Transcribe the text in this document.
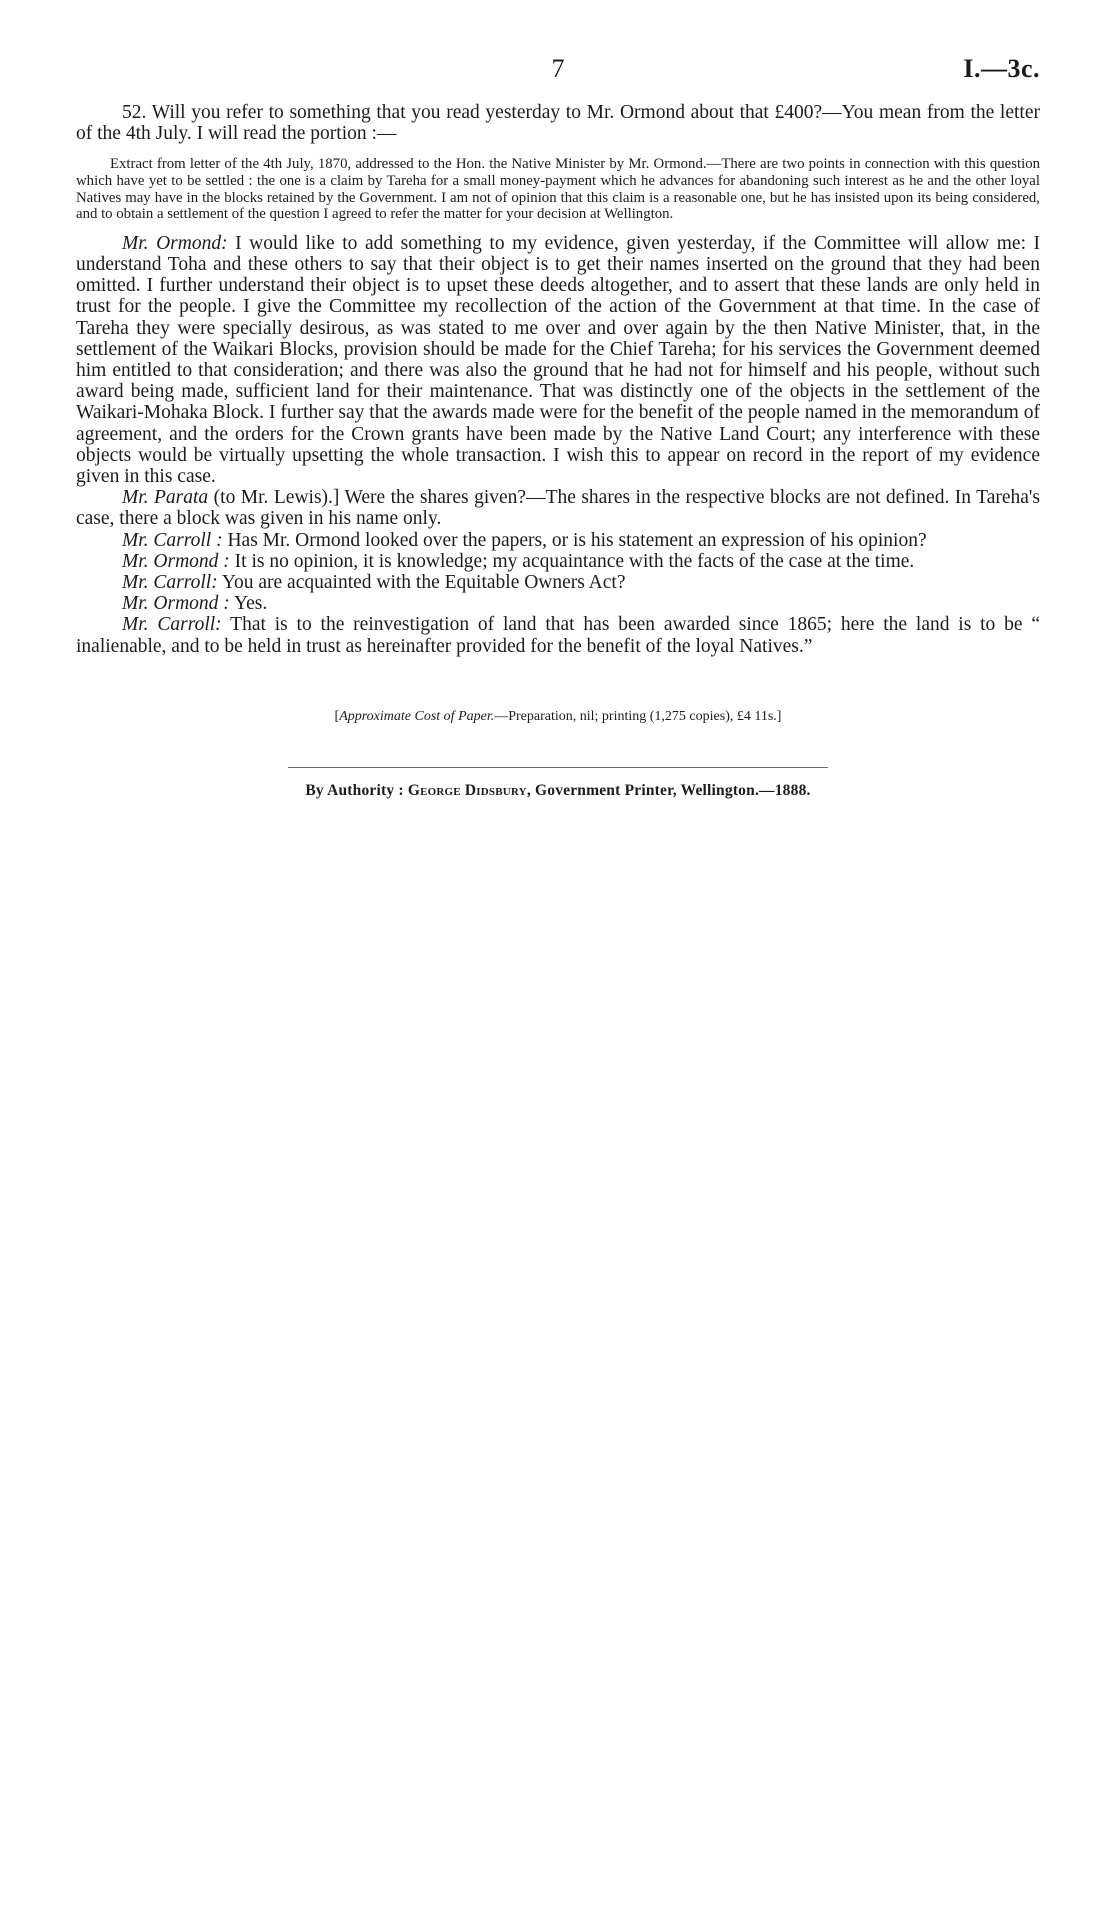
7	I.—3c.

52. Will you refer to something that you read yesterday to Mr. Ormond about that £400?—You mean from the letter of the 4th July. I will read the portion :—

Extract from letter of the 4th July, 1870, addressed to the Hon. the Native Minister by Mr. Ormond.—There are two points in connection with this question which have yet to be settled : the one is a claim by Tareha for a small money-payment which he advances for abandoning such interest as he and the other loyal Natives may have in the blocks retained by the Government. I am not of opinion that this claim is a reasonable one, but he has insisted upon its being considered, and to obtain a settlement of the question I agreed to refer the matter for your decision at Wellington.

Mr. Ormond: I would like to add something to my evidence, given yesterday, if the Committee will allow me: I understand Toha and these others to say that their object is to get their names inserted on the ground that they had been omitted. I further understand their object is to upset these deeds altogether, and to assert that these lands are only held in trust for the people. I give the Committee my recollection of the action of the Government at that time. In the case of Tareha they were specially desirous, as was stated to me over and over again by the then Native Minister, that, in the settlement of the Waikari Blocks, provision should be made for the Chief Tareha; for his services the Government deemed him entitled to that consideration; and there was also the ground that he had not for himself and his people, without such award being made, sufficient land for their maintenance. That was distinctly one of the objects in the settlement of the Waikari-Mohaka Block. I further say that the awards made were for the benefit of the people named in the memorandum of agreement, and the orders for the Crown grants have been made by the Native Land Court; any interference with these objects would be virtually upsetting the whole transaction. I wish this to appear on record in the report of my evidence given in this case.

Mr. Parata (to Mr. Lewis).] Were the shares given?—The shares in the respective blocks are not defined. In Tareha's case, there a block was given in his name only.

Mr. Carroll : Has Mr. Ormond looked over the papers, or is his statement an expression of his opinion?

Mr. Ormond : It is no opinion, it is knowledge; my acquaintance with the facts of the case at the time.

Mr. Carroll: You are acquainted with the Equitable Owners Act?

Mr. Ormond : Yes.

Mr. Carroll: That is to the reinvestigation of land that has been awarded since 1865; here the land is to be “ inalienable, and to be held in trust as hereinafter provided for the benefit of the loyal Natives.”

[Approximate Cost of Paper.—Preparation, nil; printing (1,275 copies), £4 11s.]
By Authority : George Didsbury, Government Printer, Wellington.—1888.
